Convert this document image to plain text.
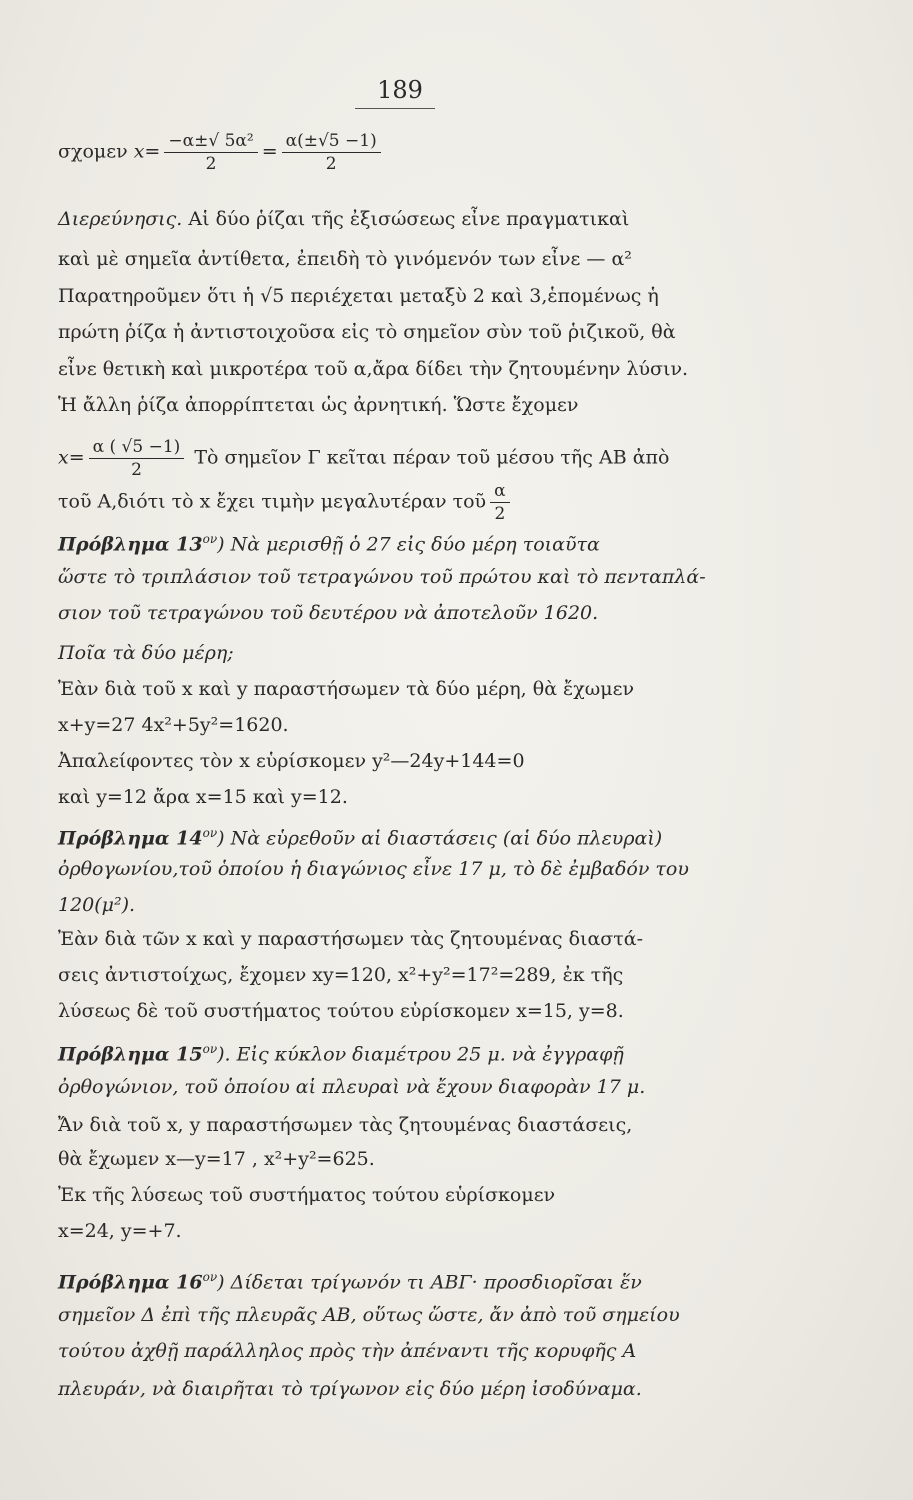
189
σχομεν $x= \frac{\text{−α±√ 5α²}}{2} = \frac{\alpha(\pm√5 -1)}{2}$
Διερεύνησις. Αἱ δύο ῥίζαι τῆς ἐξισώσεως εἶνε πραγματικαὶ
καὶ μὲ σημεῖα ἀντίθετα, ἐπειδὴ τὸ γινόμενόν των εἶνε — α²
Παρατηροῦμεν ὅτι ἡ √5 περιέχεται μεταξὺ 2 καὶ 3,ἑπομένως ἡ
πρώτη ῥίζα ἡ ἀντιστοιχοῦσα εἰς τὸ σημεῖον σὺν τοῦ ῥιζικοῦ, θὰ
εἶνε θετικὴ καὶ μικροτέρα τοῦ α,ἄρα δίδει τὴν ζητουμένην λύσιν.
Ἡ ἄλλη ῥίζα ἀπορρίπτεται ὡς ἀρνητική. Ὥστε ἔχομεν
$x= \frac{\alpha ( √5 -1)}{2}$ Τὸ σημεῖον Γ κεῖται πέραν τοῦ μέσου τῆς ΑΒ ἀπὸ
τοῦ Α,διότι τὸ x ἔχει τιμὴν μεγαλυτέραν τοῦ $\frac{\alpha}{2}$
Πρόβλημα $13^{o\nu}$) Νὰ μερισθῇ ὁ 27 εἰς δύο μέρη τοιαῦτα
ὥστε τὸ τριπλάσιον τοῦ τετραγώνου τοῦ πρώτου καὶ τὸ πενταπλά-
σιον τοῦ τετραγώνου τοῦ δευτέρου νὰ ἀποτελοῦν 1620.
Ποῖα τὰ δύο μέρη;
Ἐὰν διὰ τοῦ x καὶ y παραστήσωμεν τὰ δύο μέρη, θὰ ἔχωμεν
x+y=27 4x²+5y²=1620.
Ἀπαλείφοντες τὸν x εὑρίσκομεν y²—24y+144=0
καὶ y=12 ἄρα x=15 καὶ y=12.
Πρόβλημα $14^{o\nu}$) Νὰ εὑρεθοῦν αἱ διαστάσεις (αἱ δύο πλευραὶ)
ὀρθογωνίου,τοῦ ὁποίου ἡ διαγώνιος εἶνε 17 μ, τὸ δὲ ἐμβαδόν του
120(μ²).
Ἐὰν διὰ τῶν x καὶ y παραστήσωμεν τὰς ζητουμένας διαστά-
σεις ἀντιστοίχως, ἔχομεν xy=120, x²+y²=17²=289, ἐκ τῆς
λύσεως δὲ τοῦ συστήματος τούτου εὑρίσκομεν x=15, y=8.
Πρόβλημα $15^{o\nu}$). Εἰς κύκλον διαμέτρου 25 μ. νὰ ἐγγραφῇ
ὀρθογώνιον, τοῦ ὁποίου αἱ πλευραὶ νὰ ἔχουν διαφορὰν 17 μ.
Ἄν διὰ τοῦ x, y παραστήσωμεν τὰς ζητουμένας διαστάσεις,
θὰ ἔχωμεν x—y=17 , x²+y²=625.
Ἐκ τῆς λύσεως τοῦ συστήματος τούτου εὑρίσκομεν
x=24, y=+7.
Πρόβλημα $16^{o\nu}$) Δίδεται τρίγωνόν τι ΑΒΓ· προσδιορῖσαι ἕν
σημεῖον Δ ἐπὶ τῆς πλευρᾶς ΑΒ, οὕτως ὥστε, ἄν ἀπὸ τοῦ σημείου
τούτου ἀχθῇ παράλληλος πρὸς τὴν ἀπέναντι τῆς κορυφῆς Α
πλευράν, νὰ διαιρῆται τὸ τρίγωνον εἰς δύο μέρη ἰσοδύναμα.
